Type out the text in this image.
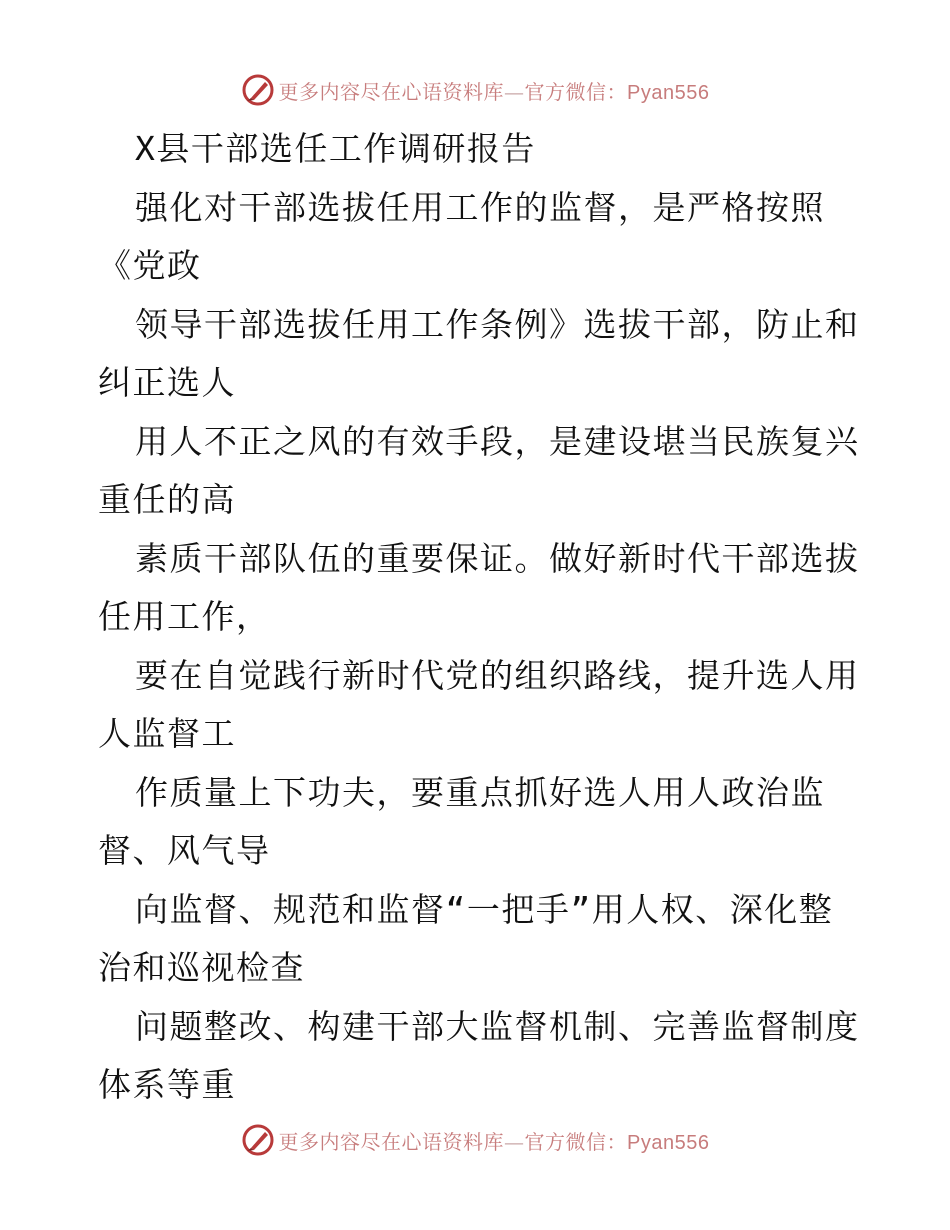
更多内容尽在心语资料库—官方微信：Pyan556
X县干部选任工作调研报告
强化对干部选拔任用工作的监督，是严格按照
《党政
领导干部选拔任用工作条例》选拔干部，防止和
纠正选人
用人不正之风的有效手段，是建设堪当民族复兴
重任的高
素质干部队伍的重要保证。做好新时代干部选拔
任用工作，
要在自觉践行新时代党的组织路线，提升选人用
人监督工
作质量上下功夫，要重点抓好选人用人政治监
督、风气导
向监督、规范和监督“一把手”用人权、深化整
治和巡视检查
问题整改、构建干部大监督机制、完善监督制度
体系等重
更多内容尽在心语资料库—官方微信：Pyan556
